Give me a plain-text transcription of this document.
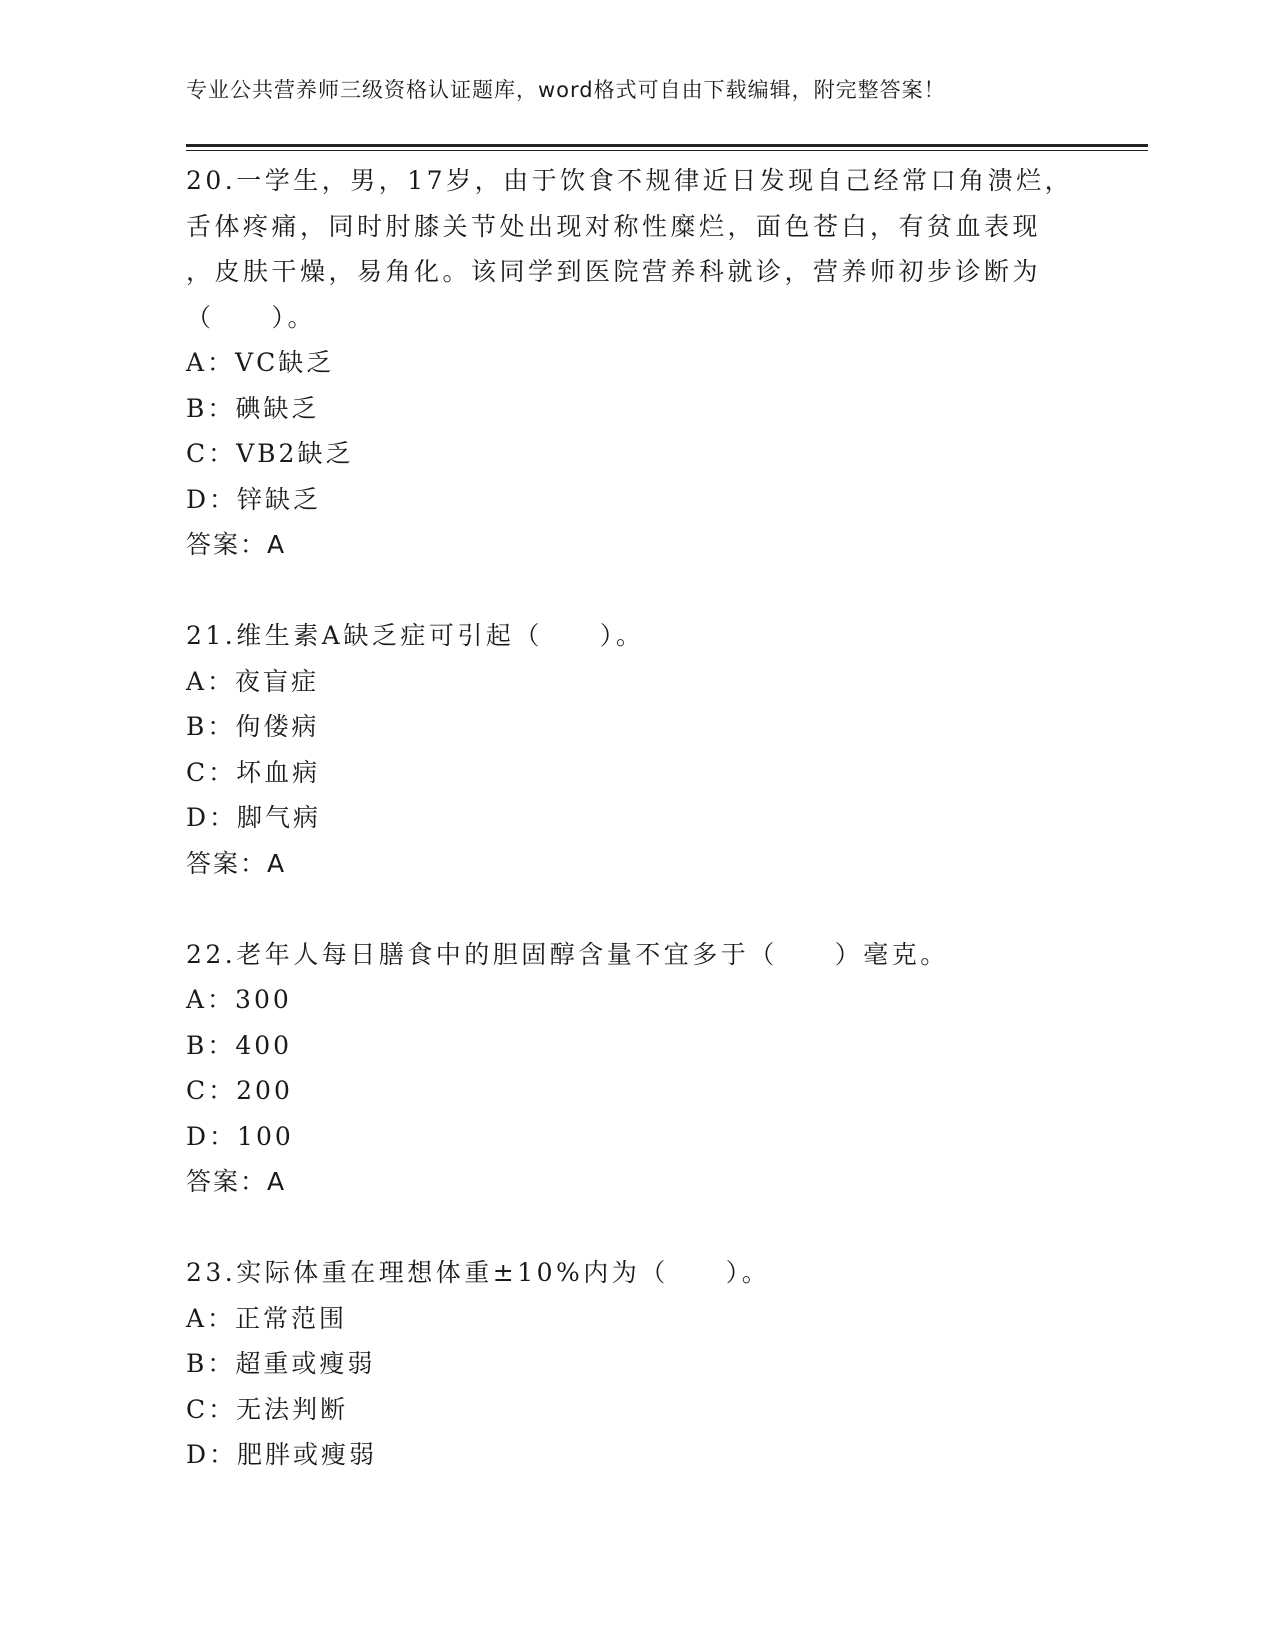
专业公共营养师三级资格认证题库，word格式可自由下载编辑，附完整答案！
20.一学生，男，17岁，由于饮食不规律近日发现自己经常口角溃烂，
舌体疼痛，同时肘膝关节处出现对称性糜烂，面色苍白，有贫血表现
，皮肤干燥，易角化。该同学到医院营养科就诊，营养师初步诊断为
（　　）。
A：VC缺乏
B：碘缺乏
C：VB2缺乏
D：锌缺乏
答案：A
21.维生素A缺乏症可引起（　　）。
A：夜盲症
B：佝偻病
C：坏血病
D：脚气病
答案：A
22.老年人每日膳食中的胆固醇含量不宜多于（　　）毫克。
A：300
B：400
C：200
D：100
答案：A
23.实际体重在理想体重±10%内为（　　）。
A：正常范围
B：超重或瘦弱
C：无法判断
D：肥胖或瘦弱
